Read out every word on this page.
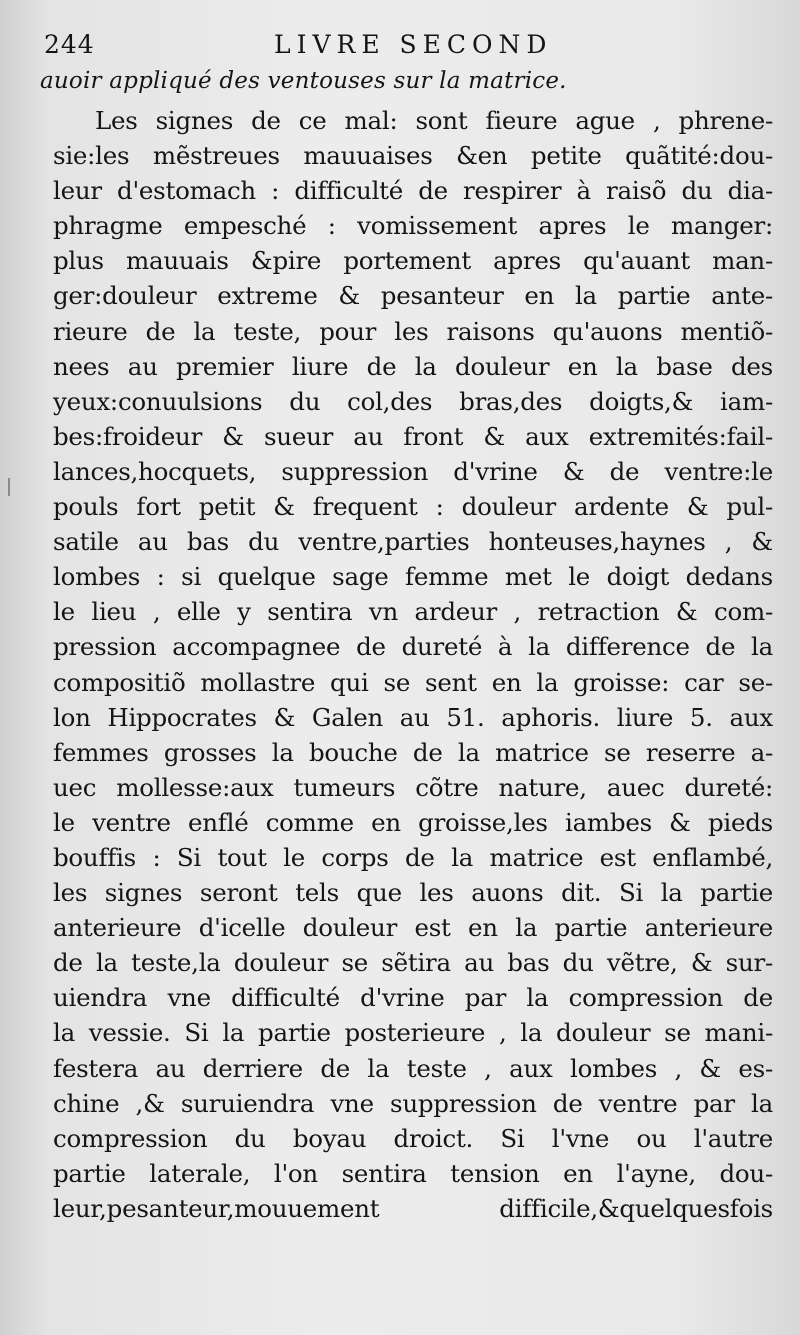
244	LIVRE SECOND
auoir appliqué des ventouses sur la matrice.
Les signes de ce mal: sont fieure ague , phrene-
sie:les mẽstreues mauuaises &en petite quãtité:dou-
leur d'estomach : difficulté de respirer à raisõ du dia-
phragme empesché : vomissement apres le manger:
plus mauuais &pire portement apres qu'auant man-
ger:douleur extreme & pesanteur en la partie ante-
rieure de la teste, pour les raisons qu'auons mentiõ-
nees au premier liure de la douleur en la base des
yeux:conuulsions du col,des bras,des doigts,& iam-
bes:froideur & sueur au front & aux extremités:fail-
lances,hocquets, suppression d'vrine & de ventre:le
pouls fort petit & frequent : douleur ardente & pul-
satile au bas du ventre,parties honteuses,haynes , &
lombes : si quelque sage femme met le doigt dedans
le lieu , elle y sentira vn ardeur , retraction & com-
pression accompagnee de dureté à la difference de la
compositiõ mollastre qui se sent en la groisse: car se-
lon Hippocrates & Galen au 51. aphoris. liure 5. aux
femmes grosses la bouche de la matrice se reserre a-
uec mollesse:aux tumeurs cõtre nature, auec dureté:
le ventre enflé comme en groisse,les iambes & pieds
bouffis : Si tout le corps de la matrice est enflambé,
les signes seront tels que les auons dit. Si la partie
anterieure d'icelle douleur est en la partie anterieure
de la teste,la douleur se sẽtira au bas du vẽtre, & sur-
uiendra vne difficulté d'vrine par la compression de
la vessie. Si la partie posterieure , la douleur se mani-
festera au derriere de la teste , aux lombes , & es-
chine ,& suruiendra vne suppression de ventre par la
compression du boyau droict. Si l'vne ou l'autre
partie laterale, l'on sentira tension en l'ayne, dou-
leur,pesanteur,mouuement difficile,&quelquesfois
